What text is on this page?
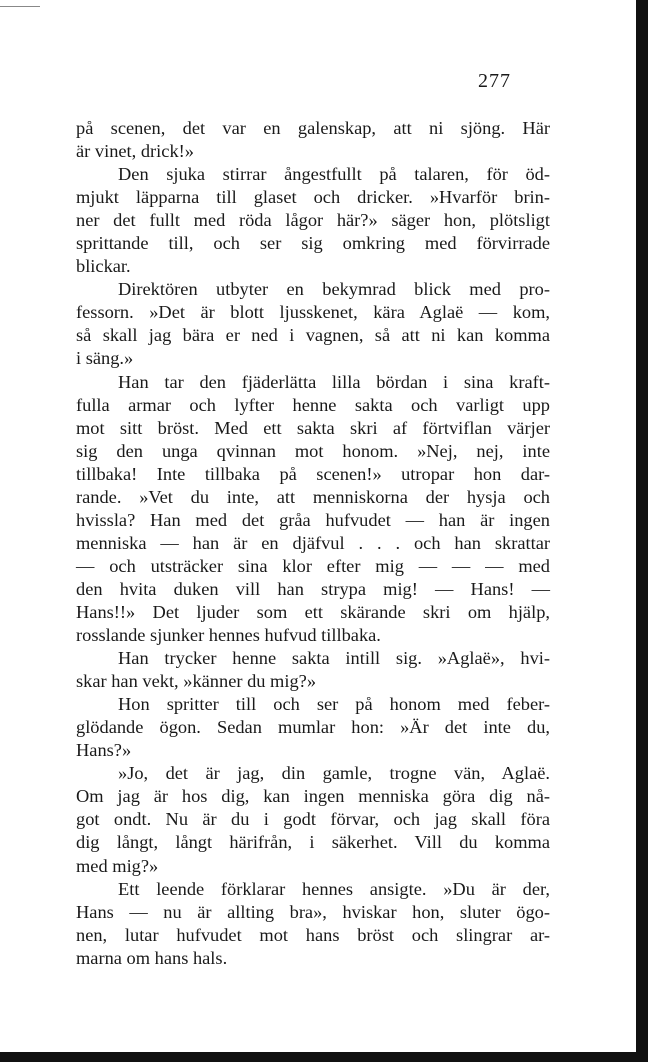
277
på scenen, det var en galenskap, att ni sjöng. Här
är vinet, drick!»
Den sjuka stirrar ångestfullt på talaren, för öd-
mjukt läpparna till glaset och dricker. »Hvarför brin-
ner det fullt med röda lågor här?» säger hon, plötsligt
sprittande till, och ser sig omkring med förvirrade
blickar.
Direktören utbyter en bekymrad blick med pro-
fessorn. »Det är blott ljusskenet, kära Aglaë — kom,
så skall jag bära er ned i vagnen, så att ni kan komma
i säng.»
Han tar den fjäderlätta lilla bördan i sina kraft-
fulla armar och lyfter henne sakta och varligt upp
mot sitt bröst. Med ett sakta skri af förtviflan värjer
sig den unga qvinnan mot honom. »Nej, nej, inte
tillbaka! Inte tillbaka på scenen!» utropar hon dar-
rande. »Vet du inte, att menniskorna der hysja och
hvissla? Han med det gråa hufvudet — han är ingen
menniska — han är en djäfvul . . . och han skrattar
— och utsträcker sina klor efter mig — — — med
den hvita duken vill han strypa mig! — Hans! —
Hans!!» Det ljuder som ett skärande skri om hjälp,
rosslande sjunker hennes hufvud tillbaka.
Han trycker henne sakta intill sig. »Aglaë», hvi-
skar han vekt, »känner du mig?»
Hon spritter till och ser på honom med feber-
glödande ögon. Sedan mumlar hon: »Är det inte du,
Hans?»
»Jo, det är jag, din gamle, trogne vän, Aglaë.
Om jag är hos dig, kan ingen menniska göra dig nå-
got ondt. Nu är du i godt förvar, och jag skall föra
dig långt, långt härifrån, i säkerhet. Vill du komma
med mig?»
Ett leende förklarar hennes ansigte. »Du är der,
Hans — nu är allting bra», hviskar hon, sluter ögo-
nen, lutar hufvudet mot hans bröst och slingrar ar-
marna om hans hals.
